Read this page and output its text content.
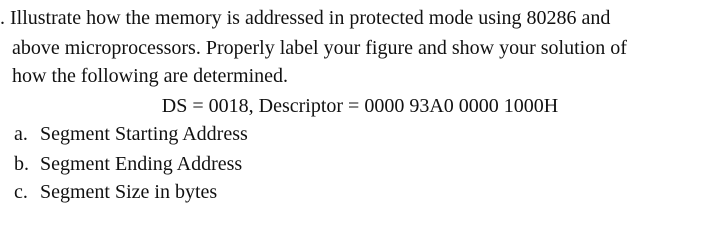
. Illustrate how the memory is addressed in protected mode using 80286 and
above microprocessors. Properly label your figure and show your solution of
how the following are determined.
DS = 0018, Descriptor = 0000 93A0 0000 1000H
a. Segment Starting Address
b. Segment Ending Address
c. Segment Size in bytes
